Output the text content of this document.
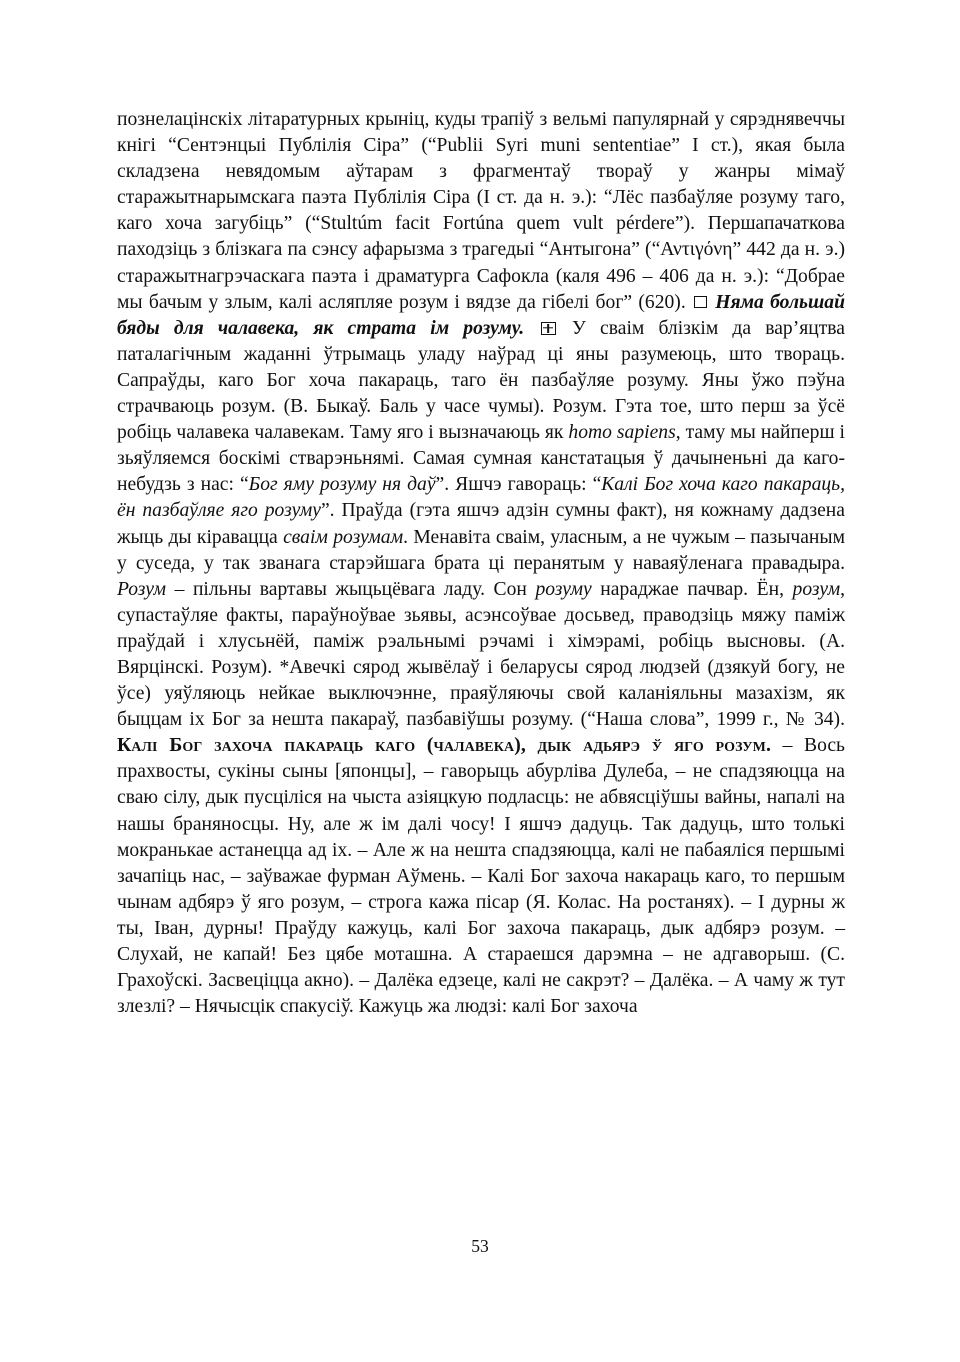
познелацінскіх літаратурных крыніц, куды трапіў з вельмі папулярнай у сярэднявеччы кнігі “Сентэнцыі Публілія Сіра” (“Publii Syri muni sententiae” I ст.), якая была складзена невядомым аўтарам з фрагментаў твораў у жанры мімаў старажытнарымскага паэта Публілія Сіра (I ст. да н. э.): “Лёс пазбаўляе розуму таго, каго хоча загубіць” (“Stultúm facit Fortúna quem vult pérdere”). Першапачаткова паходзіць з блізкага па сэнсу афарызма з трагедыі “Антыгона” (“Αντιγόνη” 442 да н. э.) старажытнагрэчаскага паэта і драматурга Сафокла (каля 496 – 406 да н. э.): “Добрае мы бачым у злым, калі асляпляе розум і вядзе да гібелі бог” (620).  Няма большай бяды для чалавека, як страта ім розуму.  У сваім блізкім да вар’яцтва паталагічным жаданні ўтрымаць уладу наўрад ці яны разумеюць, што твораць. Сапраўды, каго Бог хоча пакараць, таго ён пазбаўляе розуму. Яны ўжо пэўна страчваюць розум. (В. Быкаў. Баль у часе чумы). Розум. Гэта тое, што перш за ўсё робіць чалавека чалавекам. Таму яго і вызначаюць як homo sapiens, таму мы найперш і зьяўляемся боскімі стварэньнямі. Самая сумная канстатацыя ў дачыненьні да каго-небудзь з нас: “Бог яму розуму ня даў”. Яшчэ гавораць: “Калі Бог хоча каго пакараць, ён пазбаўляе яго розуму”. Праўда (гэта яшчэ адзін сумны факт), ня кожнаму дадзена жыць ды кіравацца сваім розумам. Менавіта сваім, уласным, а не чужым – пазычаным у суседа, у так званага старэйшага брата ці перанятым у наваяўленага правадыра. Розум – пільны вартавы жыцьцёвага ладу. Сон розуму нараджае пачвар. Ён, розум, супастаўляе факты, параўноўвае зьявы, асэнсоўвае досьвед, праводзіць мяжу паміж праўдай і хлусьнёй, паміж рэальнымі рэчамі і хімэрамі, робіць высновы. (А. Вярцінскі. Розум). *Авечкі сярод жывёлаў і беларусы сярод людзей (дзякуй богу, не ўсе) уяўляюць нейкае выключэнне, праяўляючы свой каланіяльны мазахізм, як быццам іх Бог за нешта пакараў, пазбавіўшы розуму. (“Наша слова”, 1999 г., № 34). Калі Бог захоча пакараць каго (чалавека), дык адьярэ ў яго розум. – Вось прахвосты, сукіны сыны [японцы], – гаворыць абурліва Дулеба, – не спадзяюцца на сваю сілу, дык пусціліся на чыста азіяцкую подласць: не абвясціўшы вайны, напалі на нашы браняносцы. Ну, але ж ім далі чосу! І яшчэ дадуць. Так дадуць, што толькі мокранькае астанецца ад іх. – Але ж на нешта спадзяюцца, калі не пабаяліся першымі зачапіць нас, – заўважае фурман Аўмень. – Калі Бог захоча накараць каго, то першым чынам адбярэ ў яго розум, – строга кажа пісар (Я. Колас. На ростанях). – І дурны ж ты, Іван, дурны! Праўду кажуць, калі Бог захоча пакараць, дык адбярэ розум. – Слухай, не капай! Без цябе моташна. А стараешся дарэмна – не адгаворыш. (С. Грахоўскі. Засвеціцца акно). – Далёка едзеце, калі не сакрэт? – Далёка. – А чаму ж тут злезлі? – Нячысцік спакусіў. Кажуць жа людзі: калі Бог захоча

53
